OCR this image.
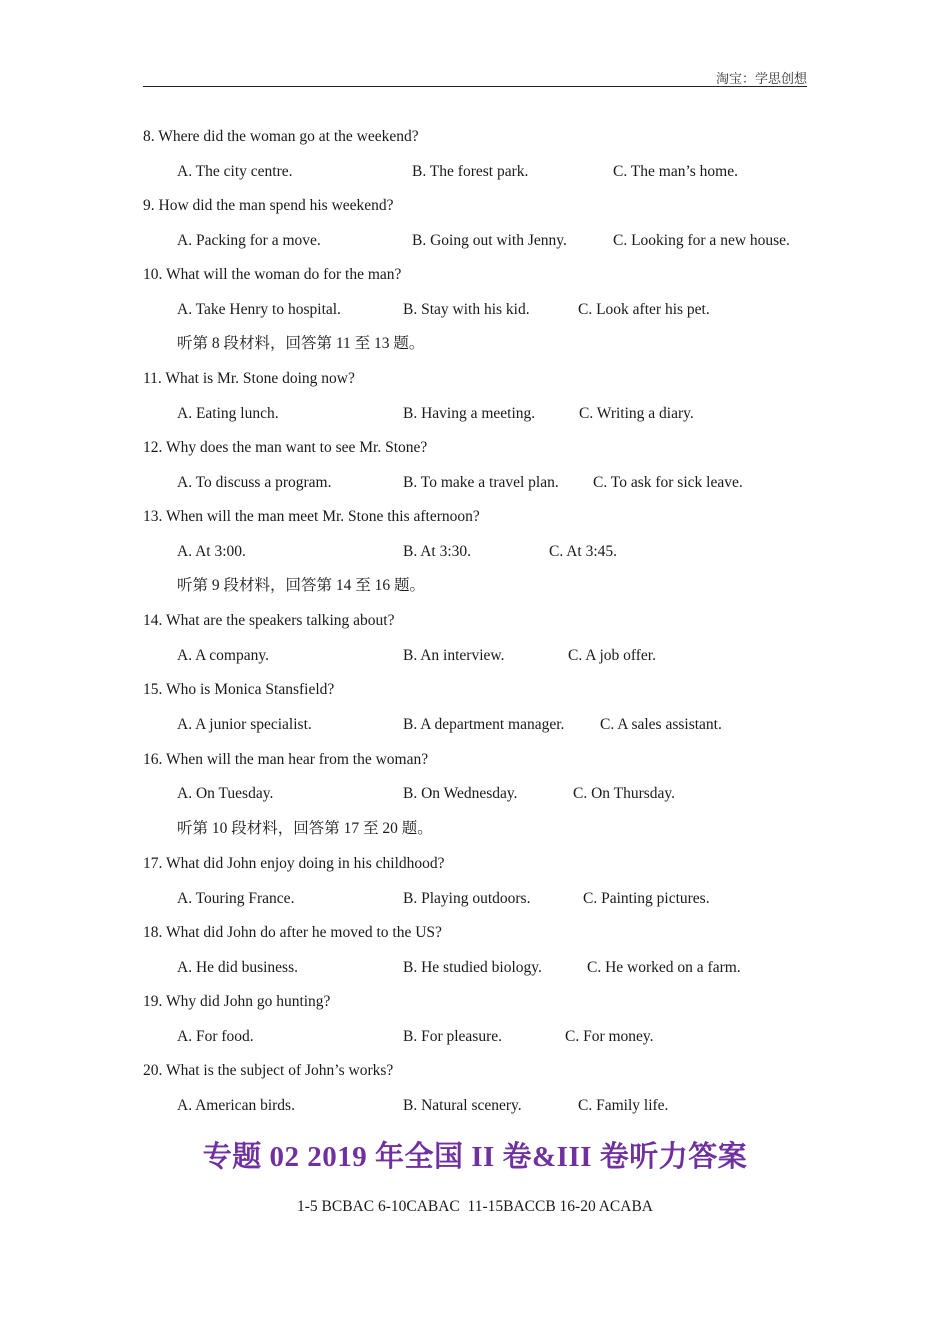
淘宝：学思创想
8. Where did the woman go at the weekend?
A. The city centre.	B. The forest park.	C. The man’s home.
9. How did the man spend his weekend?
A. Packing for a move.	B. Going out with Jenny.	C. Looking for a new house.
10. What will the woman do for the man?
A. Take Henry to hospital.	B. Stay with his kid.	C. Look after his pet.
听第 8 段材料，回答第 11 至 13 题。
11. What is Mr. Stone doing now?
A. Eating lunch.	B. Having a meeting.	C. Writing a diary.
12. Why does the man want to see Mr. Stone?
A. To discuss a program.	B. To make a travel plan. C. To ask for sick leave.
13. When will the man meet Mr. Stone this afternoon?
A. At 3:00.	B. At 3:30.	C. At 3:45.
听第 9 段材料，回答第 14 至 16 题。
14. What are the speakers talking about?
A. A company.	B. An interview.	C. A job offer.
15. Who is Monica Stansfield?
A. A junior specialist.	B. A department manager. C. A sales assistant.
16. When will the man hear from the woman?
A. On Tuesday.	B. On Wednesday.	C. On Thursday.
听第 10 段材料，回答第 17 至 20 题。
17. What did John enjoy doing in his childhood?
A. Touring France.	B. Playing outdoors.	C. Painting pictures.
18. What did John do after he moved to the US?
A. He did business.	B. He studied biology.	C. He worked on a farm.
19. Why did John go hunting?
A. For food.	B. For pleasure.	C. For money.
20. What is the subject of John’s works?
A. American birds.	B. Natural scenery.	C. Family life.
专题 02 2019 年全国 II 卷&III 卷听力答案
1-5 BCBAC 6-10CABAC  11-15BACCB 16-20 ACABA
